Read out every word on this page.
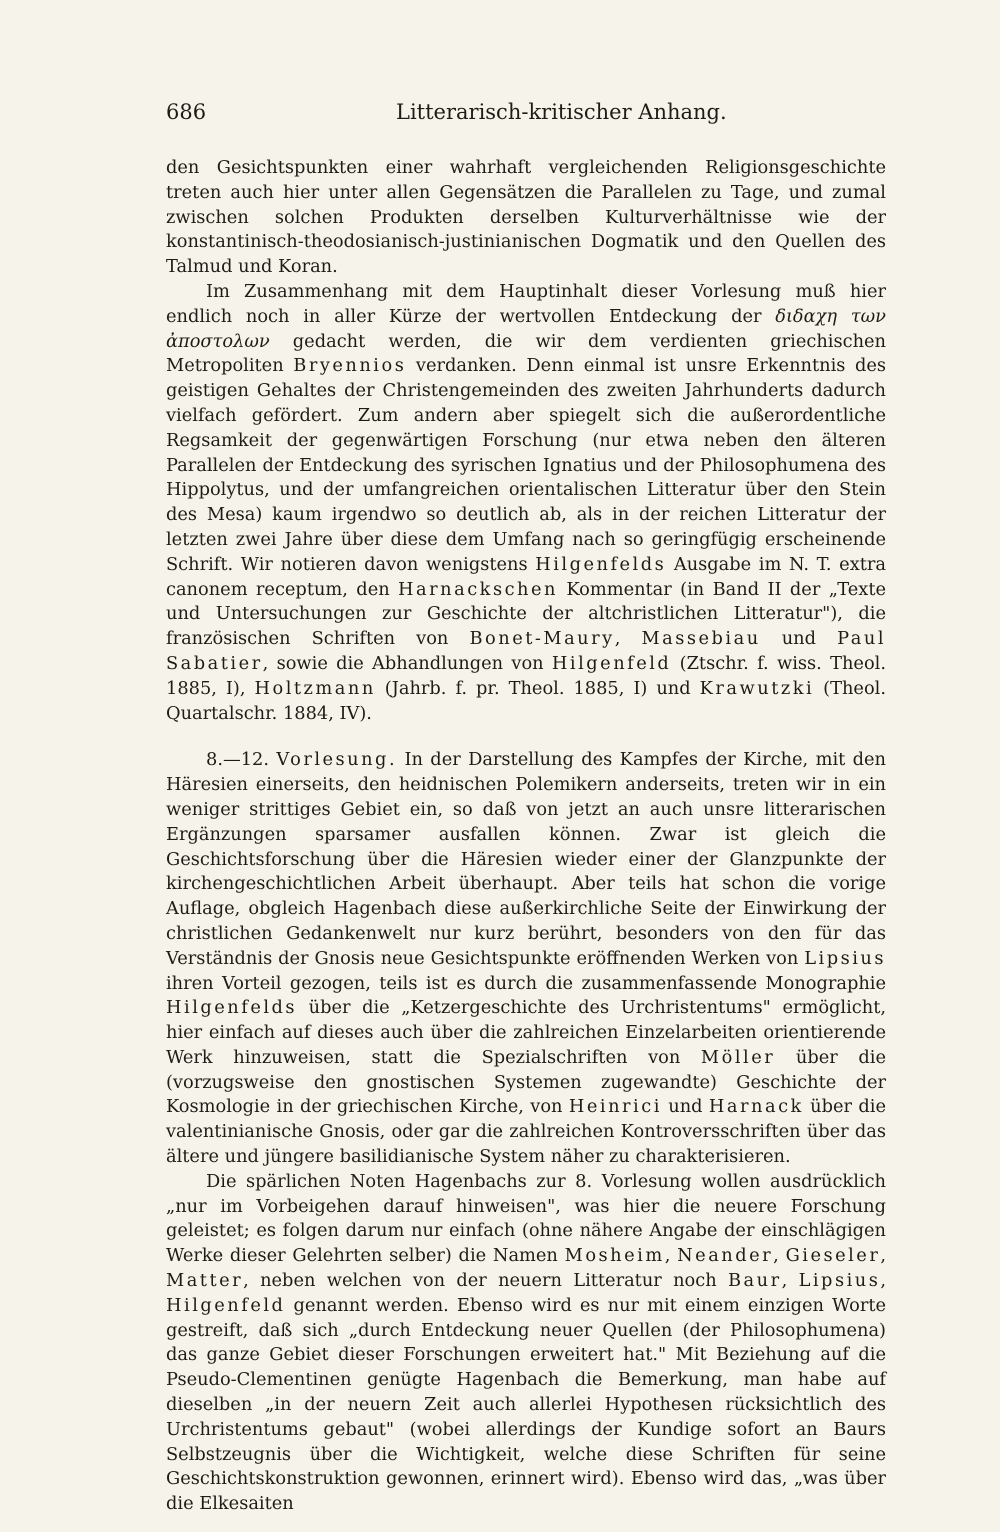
686	Litterarisch-kritischer Anhang.

den Gesichtspunkten einer wahrhaft vergleichenden Religionsgeschichte treten auch hier unter allen Gegensätzen die Parallelen zu Tage, und zumal zwischen solchen Produkten derselben Kulturverhältnisse wie der konstantinisch-theodosianisch-justinianischen Dogmatik und den Quellen des Talmud und Koran.

Im Zusammenhang mit dem Hauptinhalt dieser Vorlesung muß hier endlich noch in aller Kürze der wertvollen Entdeckung der διδαχη των ἀποστολων gedacht werden, die wir dem verdienten griechischen Metropoliten Bryennios verdanken. Denn einmal ist unsre Erkenntnis des geistigen Gehaltes der Christengemeinden des zweiten Jahrhunderts dadurch vielfach gefördert. Zum andern aber spiegelt sich die außerordentliche Regsamkeit der gegenwärtigen Forschung (nur etwa neben den älteren Parallelen der Entdeckung des syrischen Ignatius und der Philosophumena des Hippolytus, und der umfangreichen orientalischen Litteratur über den Stein des Mesa) kaum irgendwo so deutlich ab, als in der reichen Litteratur der letzten zwei Jahre über diese dem Umfang nach so geringfügig erscheinende Schrift. Wir notieren davon wenigstens Hilgenfelds Ausgabe im N. T. extra canonem receptum, den Harnackschen Kommentar (in Band II der „Texte und Untersuchungen zur Geschichte der altchristlichen Litteratur"), die französischen Schriften von Bonet-Maury, Massebiau und Paul Sabatier, sowie die Abhandlungen von Hilgenfeld (Ztschr. f. wiss. Theol. 1885, I), Holtzmann (Jahrb. f. pr. Theol. 1885, I) und Krawutzki (Theol. Quartalschr. 1884, IV).

8.—12. Vorlesung. In der Darstellung des Kampfes der Kirche, mit den Häresien einerseits, den heidnischen Polemikern anderseits, treten wir in ein weniger strittiges Gebiet ein, so daß von jetzt an auch unsre litterarischen Ergänzungen sparsamer ausfallen können. Zwar ist gleich die Geschichtsforschung über die Häresien wieder einer der Glanzpunkte der kirchengeschichtlichen Arbeit überhaupt. Aber teils hat schon die vorige Auflage, obgleich Hagenbach diese außerkirchliche Seite der Einwirkung der christlichen Gedankenwelt nur kurz berührt, besonders von den für das Verständnis der Gnosis neue Gesichtspunkte eröffnenden Werken von Lipsius ihren Vorteil gezogen, teils ist es durch die zusammenfassende Monographie Hilgenfelds über die „Ketzergeschichte des Urchristentums" ermöglicht, hier einfach auf dieses auch über die zahlreichen Einzelarbeiten orientierende Werk hinzuweisen, statt die Spezialschriften von Möller über die (vorzugsweise den gnostischen Systemen zugewandte) Geschichte der Kosmologie in der griechischen Kirche, von Heinrici und Harnack über die valentinianische Gnosis, oder gar die zahlreichen Kontroversschriften über das ältere und jüngere basilidianische System näher zu charakterisieren.

Die spärlichen Noten Hagenbachs zur 8. Vorlesung wollen ausdrücklich „nur im Vorbeigehen darauf hinweisen", was hier die neuere Forschung geleistet; es folgen darum nur einfach (ohne nähere Angabe der einschlägigen Werke dieser Gelehrten selber) die Namen Mosheim, Neander, Gieseler, Matter, neben welchen von der neuern Litteratur noch Baur, Lipsius, Hilgenfeld genannt werden. Ebenso wird es nur mit einem einzigen Worte gestreift, daß sich „durch Entdeckung neuer Quellen (der Philosophumena) das ganze Gebiet dieser Forschungen erweitert hat." Mit Beziehung auf die Pseudo-Clementinen genügte Hagenbach die Bemerkung, man habe auf dieselben „in der neuern Zeit auch allerlei Hypothesen rücksichtlich des Urchristentums gebaut" (wobei allerdings der Kundige sofort an Baurs Selbstzeugnis über die Wichtigkeit, welche diese Schriften für seine Geschichtskonstruktion gewonnen, erinnert wird). Ebenso wird das, „was über die Elkesaiten
